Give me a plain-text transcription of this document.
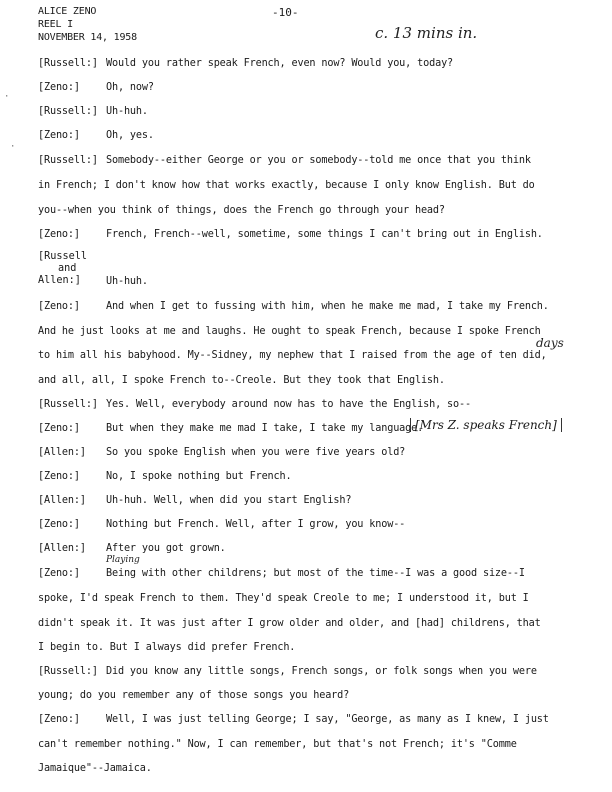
ALICE ZENO
REEL I
NOVEMBER 14, 1958
-10-
c. 13 mins in.
·
·
[Russell:] Would you rather speak French, even now? Would you, today?
[Zeno:]	Oh, now?
[Russell:] Uh-huh.
[Zeno:]	Oh, yes.
[Russell:] Somebody--either George or you or somebody--told me once that you think
in French; I don't know how that works exactly, because I only know English. But do
you--when you think of things, does the French go through your head?
[Zeno:]	French, French--well, sometime, some things I can't bring out in English.
[Russell
and
Allen:]	Uh-huh.
[Zeno:]	And when I get to fussing with him, when he make me mad, I take my French.
And he just looks at me and laughs. He ought to speak French, because I spoke French
to him all his babyhood. My--Sidney, my nephew that I raised from the age of ten did,
days
and all, all, I spoke French to--Creole. But they took that English.
[Russell:] Yes. Well, everybody around now has to have the English, so--
[Zeno:]	But when they make me mad I take, I take my language.
[Mrs Z. speaks French]
[Allen:] So you spoke English when you were five years old?
[Zeno:]	No, I spoke nothing but French.
[Allen:] Uh-huh. Well, when did you start English?
[Zeno:]	Nothing but French. Well, after I grow, you know--
[Allen:] After you got grown.
Playing
[Zeno:]	Being with other childrens; but most of the time--I was a good size--I
spoke, I'd speak French to them. They'd speak Creole to me; I understood it, but I
didn't speak it. It was just after I grow older and older, and [had] childrens, that
I begin to. But I always did prefer French.
[Russell:] Did you know any little songs, French songs, or folk songs when you were
young; do you remember any of those songs you heard?
[Zeno:]	Well, I was just telling George; I say, "George, as many as I knew, I just
can't remember nothing." Now, I can remember, but that's not French; it's "Comme
Jamaique"--Jamaica.
